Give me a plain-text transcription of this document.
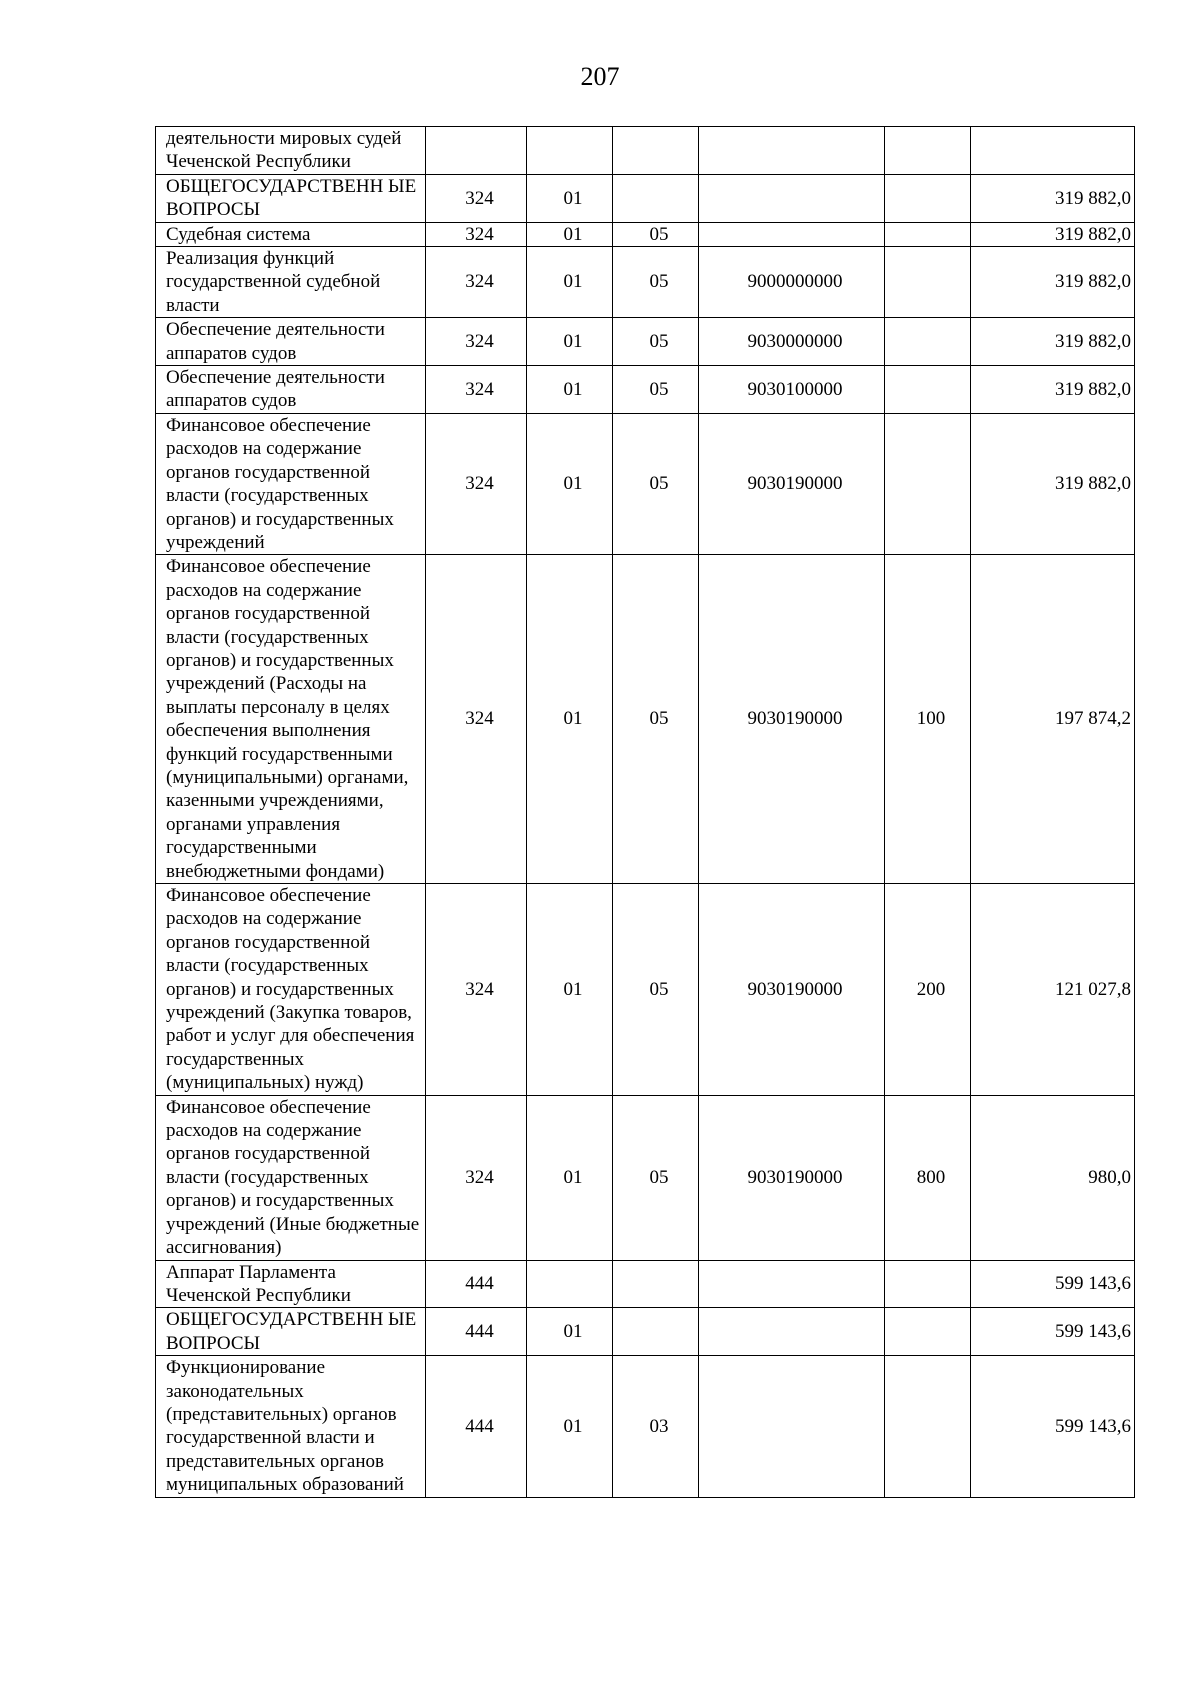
207
деятельности мировых судей Чеченской Республики						
ОБЩЕГОСУДАРСТВЕНН ЫЕ ВОПРОСЫ	324	01				319 882,0
Судебная система	324	01	05			319 882,0
Реализация функций государственной судебной власти	324	01	05	9000000000		319 882,0
Обеспечение деятельности аппаратов судов	324	01	05	9030000000		319 882,0
Обеспечение деятельности аппаратов судов	324	01	05	9030100000		319 882,0
Финансовое обеспечение расходов на содержание органов государственной власти (государственных органов) и государственных учреждений	324	01	05	9030190000		319 882,0
Финансовое обеспечение расходов на содержание органов государственной власти (государственных органов) и государственных учреждений (Расходы на выплаты персоналу в целях обеспечения выполнения функций государственными (муниципальными) органами, казенными учреждениями, органами управления государственными внебюджетными фондами)	324	01	05	9030190000	100	197 874,2
Финансовое обеспечение расходов на содержание органов государственной власти (государственных органов) и государственных учреждений (Закупка товаров, работ и услуг для обеспечения государственных (муниципальных) нужд)	324	01	05	9030190000	200	121 027,8
Финансовое обеспечение расходов на содержание органов государственной власти (государственных органов) и государственных учреждений (Иные бюджетные ассигнования)	324	01	05	9030190000	800	980,0
Аппарат Парламента Чеченской Республики	444					599 143,6
ОБЩЕГОСУДАРСТВЕНН ЫЕ ВОПРОСЫ	444	01				599 143,6
Функционирование законодательных (представительных) органов государственной власти и представительных органов муниципальных образований	444	01	03			599 143,6
